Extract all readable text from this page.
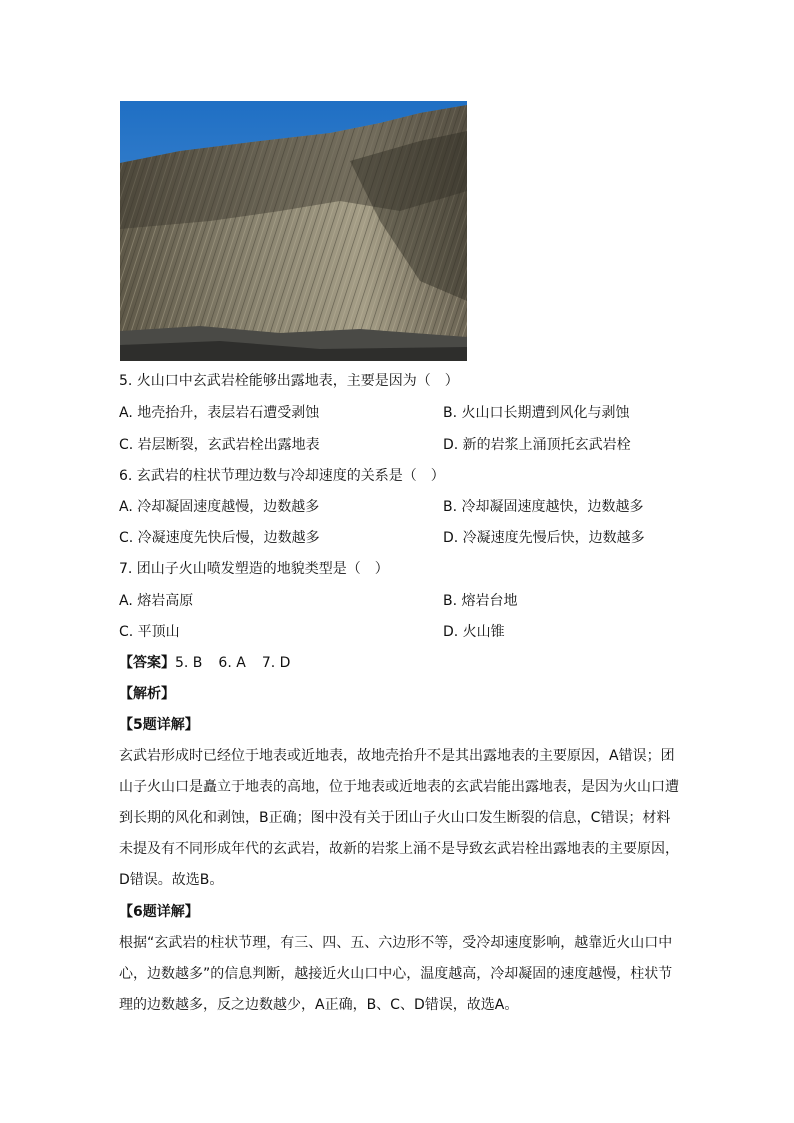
5. 火山口中玄武岩栓能够出露地表，主要是因为（　）
A. 地壳抬升，表层岩石遭受剥蚀	B. 火山口长期遭到风化与剥蚀
C. 岩层断裂，玄武岩栓出露地表	D. 新的岩浆上涌顶托玄武岩栓
6. 玄武岩的柱状节理边数与冷却速度的关系是（　）
A. 冷却凝固速度越慢，边数越多	B. 冷却凝固速度越快，边数越多
C. 冷凝速度先快后慢，边数越多	D. 冷凝速度先慢后快，边数越多
7. 团山子火山喷发塑造的地貌类型是（　）
A. 熔岩高原	B. 熔岩台地
C. 平顶山	D. 火山锥
【答案】5. B 6. A 7. D
【解析】
【5题详解】
玄武岩形成时已经位于地表或近地表，故地壳抬升不是其出露地表的主要原因，A错误；团
山子火山口是矗立于地表的高地，位于地表或近地表的玄武岩能出露地表，是因为火山口遭
到长期的风化和剥蚀，B正确；图中没有关于团山子火山口发生断裂的信息，C错误；材料
未提及有不同形成年代的玄武岩，故新的岩浆上涌不是导致玄武岩栓出露地表的主要原因，
D错误。故选B。
【6题详解】
根据“玄武岩的柱状节理，有三、四、五、六边形不等，受冷却速度影响，越靠近火山口中
心，边数越多”的信息判断，越接近火山口中心，温度越高，冷却凝固的速度越慢，柱状节
理的边数越多，反之边数越少，A正确，B、C、D错误，故选A。
